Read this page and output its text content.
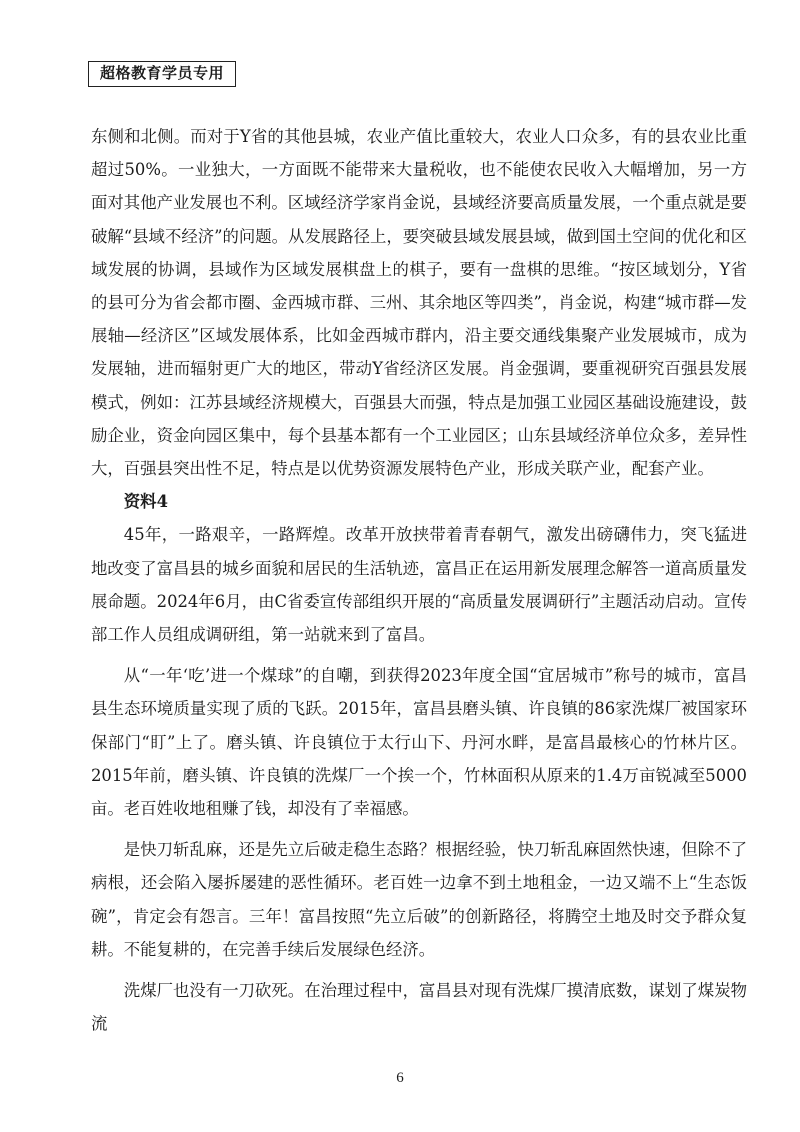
超格教育学员专用

东侧和北侧。而对于Y省的其他县城，农业产值比重较大，农业人口众多，有的县农业比重超过50%。一业独大，一方面既不能带来大量税收，也不能使农民收入大幅增加，另一方面对其他产业发展也不利。区域经济学家肖金说，县域经济要高质量发展，一个重点就是要破解“县域不经济”的问题。从发展路径上，要突破县域发展县域，做到国土空间的优化和区域发展的协调，县域作为区域发展棋盘上的棋子，要有一盘棋的思维。“按区域划分，Y省的县可分为省会都市圈、金西城市群、三州、其余地区等四类”，肖金说，构建“城市群—发展轴—经济区”区域发展体系，比如金西城市群内，沿主要交通线集聚产业发展城市，成为发展轴，进而辐射更广大的地区，带动Y省经济区发展。肖金强调，要重视研究百强县发展模式，例如：江苏县域经济规模大，百强县大而强，特点是加强工业园区基础设施建设，鼓励企业，资金向园区集中，每个县基本都有一个工业园区；山东县域经济单位众多，差异性大，百强县突出性不足，特点是以优势资源发展特色产业，形成关联产业，配套产业。

资料4

45年，一路艰辛，一路辉煌。改革开放挟带着青春朝气，激发出磅礴伟力，突飞猛进地改变了富昌县的城乡面貌和居民的生活轨迹，富昌正在运用新发展理念解答一道高质量发展命题。2024年6月，由C省委宣传部组织开展的“高质量发展调研行”主题活动启动。宣传部工作人员组成调研组，第一站就来到了富昌。

从“一年‘吃’进一个煤球”的自嘲，到获得2023年度全国“宜居城市”称号的城市，富昌县生态环境质量实现了质的飞跃。2015年，富昌县磨头镇、许良镇的86家洗煤厂被国家环保部门“盯”上了。磨头镇、许良镇位于太行山下、丹河水畔，是富昌最核心的竹林片区。2015年前，磨头镇、许良镇的洗煤厂一个挨一个，竹林面积从原来的1.4万亩锐减至5000亩。老百姓收地租赚了钱，却没有了幸福感。

是快刀斩乱麻，还是先立后破走稳生态路？根据经验，快刀斩乱麻固然快速，但除不了病根，还会陷入屡拆屡建的恶性循环。老百姓一边拿不到土地租金，一边又端不上“生态饭碗”，肯定会有怨言。三年！富昌按照“先立后破”的创新路径，将腾空土地及时交予群众复耕。不能复耕的，在完善手续后发展绿色经济。

洗煤厂也没有一刀砍死。在治理过程中，富昌县对现有洗煤厂摸清底数，谋划了煤炭物流

6
